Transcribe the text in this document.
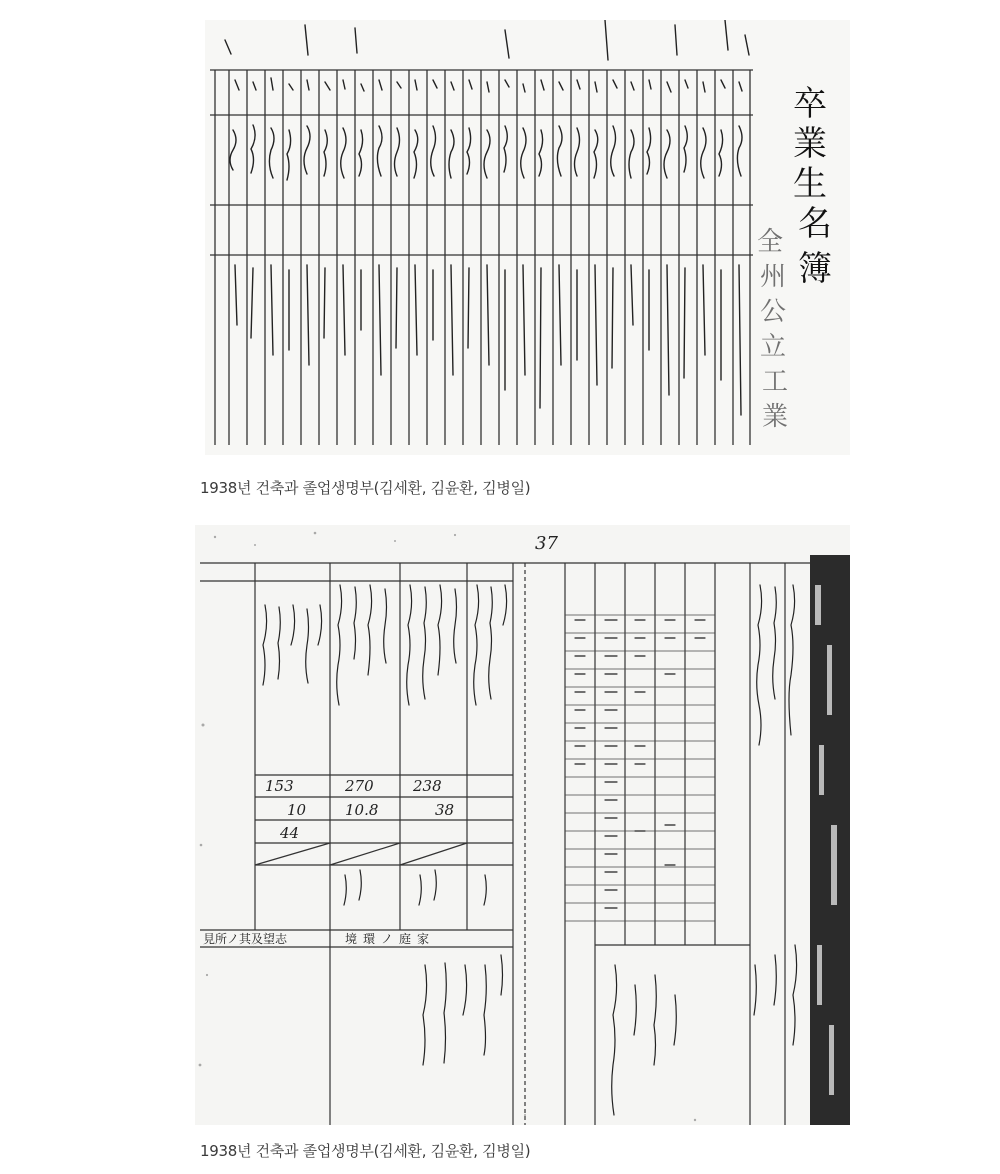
卒
業
生
名
簿
全
州
公
立
工
業
1938년 건축과 졸업생명부(김세환, 김윤환, 김병일)
37
153	270	238
10	10.8	38
44
見所ノ其及望志	境環ノ庭家
1938년 건축과 졸업생명부(김세환, 김윤환, 김병일)
